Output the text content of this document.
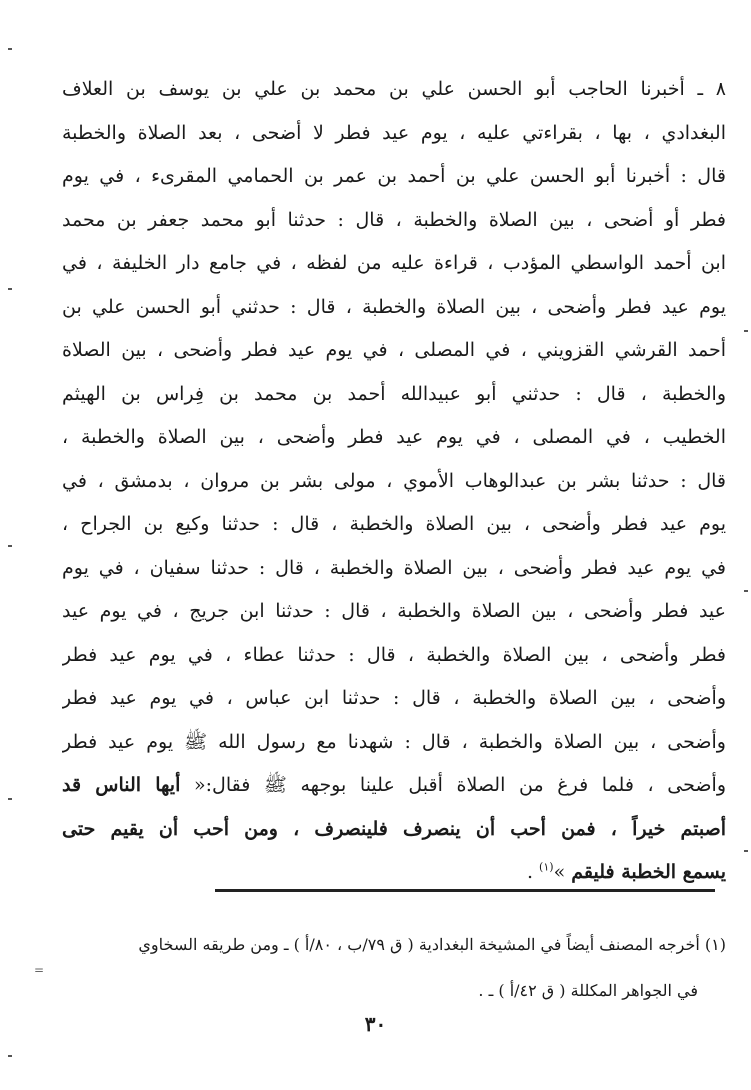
٨ ـ أخبرنا الحاجب أبو الحسن علي بن محمد بن علي بن يوسف بن العلاف
البغدادي ، بها ، بقراءتي عليه ، يوم عيد فطر لا أضحى ، بعد الصلاة والخطبة
قال : أخبرنا أبو الحسن علي بن أحمد بن عمر بن الحمامي المقرىء ، في يوم
فطر أو أضحى ، بين الصلاة والخطبة ، قال : حدثنا أبو محمد جعفر بن محمد
ابن أحمد الواسطي المؤدب ، قراءة عليه من لفظه ، في جامع دار الخليفة ، في
يوم عيد فطر وأضحى ، بين الصلاة والخطبة ، قال : حدثني أبو الحسن علي بن
أحمد القرشي القزويني ، في المصلى ، في يوم عيد فطر وأضحى ، بين الصلاة
والخطبة ، قال : حدثني أبو عبيدالله أحمد بن محمد بن فِراس بن الهيثم
الخطيب ، في المصلى ، في يوم عيد فطر وأضحى ، بين الصلاة والخطبة ،
قال : حدثنا بشر بن عبدالوهاب الأموي ، مولى بشر بن مروان ، بدمشق ، في
يوم عيد فطر وأضحى ، بين الصلاة والخطبة ، قال : حدثنا وكيع بن الجراح ،
في يوم عيد فطر وأضحى ، بين الصلاة والخطبة ، قال : حدثنا سفيان ، في يوم
عيد فطر وأضحى ، بين الصلاة والخطبة ، قال : حدثنا ابن جريج ، في يوم عيد
فطر وأضحى ، بين الصلاة والخطبة ، قال : حدثنا عطاء ، في يوم عيد فطر
وأضحى ، بين الصلاة والخطبة ، قال : حدثنا ابن عباس ، في يوم عيد فطر
وأضحى ، بين الصلاة والخطبة ، قال : شهدنا مع رسول الله ﷺ يوم عيد فطر
وأضحى ، فلما فرغ من الصلاة أقبل علينا بوجهه ﷺ فقال:« أيها الناس قد
أصبتم خيراً ، فمن أحب أن ينصرف فلينصرف ، ومن أحب أن يقيم حتى
يسمع الخطبة فليقم »$^{(١)}$ .
(١) أخرجه المصنف أيضاً في المشيخة البغدادية ( ق ٧٩/ب ، ٨٠/أ ) ـ ومن طريقه السخاوي
في الجواهر المكللة ( ق ٤٢/أ ) ـ .
٣٠
=
